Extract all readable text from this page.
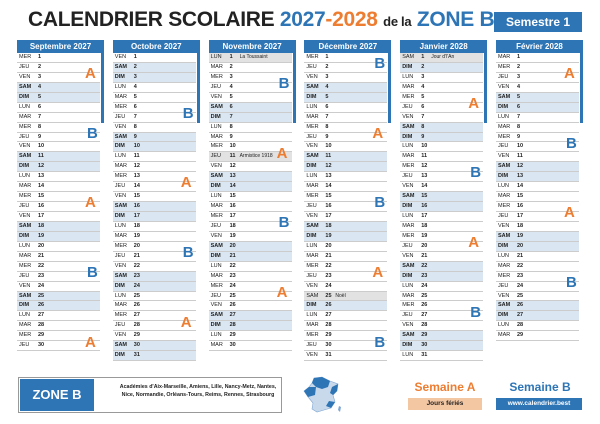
CALENDRIER SCOLAIRE 2027-2028 de la ZONE B Semestre 1
Septembre 2027
MER 1
JEU 2
VEN 3
SAM 4
DIM 5
LUN 6
MAR 7
MER 8
JEU 9
VEN 10
SAM 11
DIM 12
LUN 13
MAR 14
MER 15
JEU 16
VEN 17
SAM 18
DIM 19
LUN 20
MAR 21
MER 22
JEU 23
VEN 24
SAM 25
DIM 26
LUN 27
MAR 28
MER 29
JEU 30
A
B
A
B
A
Octobre 2027
VEN 1
SAM 2
DIM 3
LUN 4
MAR 5
MER 6
JEU 7
VEN 8
SAM 9
DIM 10
LUN 11
MAR 12
MER 13
JEU 14
VEN 15
SAM 16
DIM 17
LUN 18
MAR 19
MER 20
JEU 21
VEN 22
SAM 23
DIM 24
LUN 25
MAR 26
MER 27
JEU 28
VEN 29
SAM 30
DIM 31
B
A
B
A
Novembre 2027
LUN 1 La Toussaint
MAR 2
MER 3
JEU 4
VEN 5
SAM 6
DIM 7
LUN 8
MAR 9
MER 10
JEU 11 Armistice 1918
VEN 12
SAM 13
DIM 14
LUN 15
MAR 16
MER 17
JEU 18
VEN 19
SAM 20
DIM 21
LUN 22
MAR 23
MER 24
JEU 25
VEN 26
SAM 27
DIM 28
LUN 29
MAR 30
B
A
B
A
Décembre 2027
MER 1
JEU 2
VEN 3
SAM 4
DIM 5
LUN 6
MAR 7
MER 8
JEU 9
VEN 10
SAM 11
DIM 12
LUN 13
MAR 14
MER 15
JEU 16
VEN 17
SAM 18
DIM 19
LUN 20
MAR 21
MER 22
JEU 23
VEN 24
SAM 25 Noël
DIM 26
LUN 27
MAR 28
MER 29
JEU 30
VEN 31
B
A
B
A
B
Janvier 2028
SAM 1 Jour d'l'An
DIM 2
LUN 3
MAR 4
MER 5
JEU 6
VEN 7
SAM 8
DIM 9
LUN 10
MAR 11
MER 12
JEU 13
VEN 14
SAM 15
DIM 16
LUN 17
MAR 18
MER 19
JEU 20
VEN 21
SAM 22
DIM 23
LUN 24
MAR 25
MER 26
JEU 27
VEN 28
SAM 29
DIM 30
LUN 31
A
B
A
B
Février 2028
MAR 1
MER 2
JEU 3
VEN 4
SAM 5
DIM 6
LUN 7
MAR 8
MER 9
JEU 10
VEN 11
SAM 12
DIM 13
LUN 14
MAR 15
MER 16
JEU 17
VEN 18
SAM 19
DIM 20
LUN 21
MAR 22
MER 23
JEU 24
VEN 25
SAM 26
DIM 27
LUN 28
MAR 29
A
B
A
B
ZONE B	Académies d'Aix-Marseille, Amiens, Lille, Nancy-Metz, Nantes,
Nice, Normandie, Orléans-Tours, Reims, Rennes, Strasbourg
Semaine A	Semaine B
Jours fériés	www.calendrier.best
